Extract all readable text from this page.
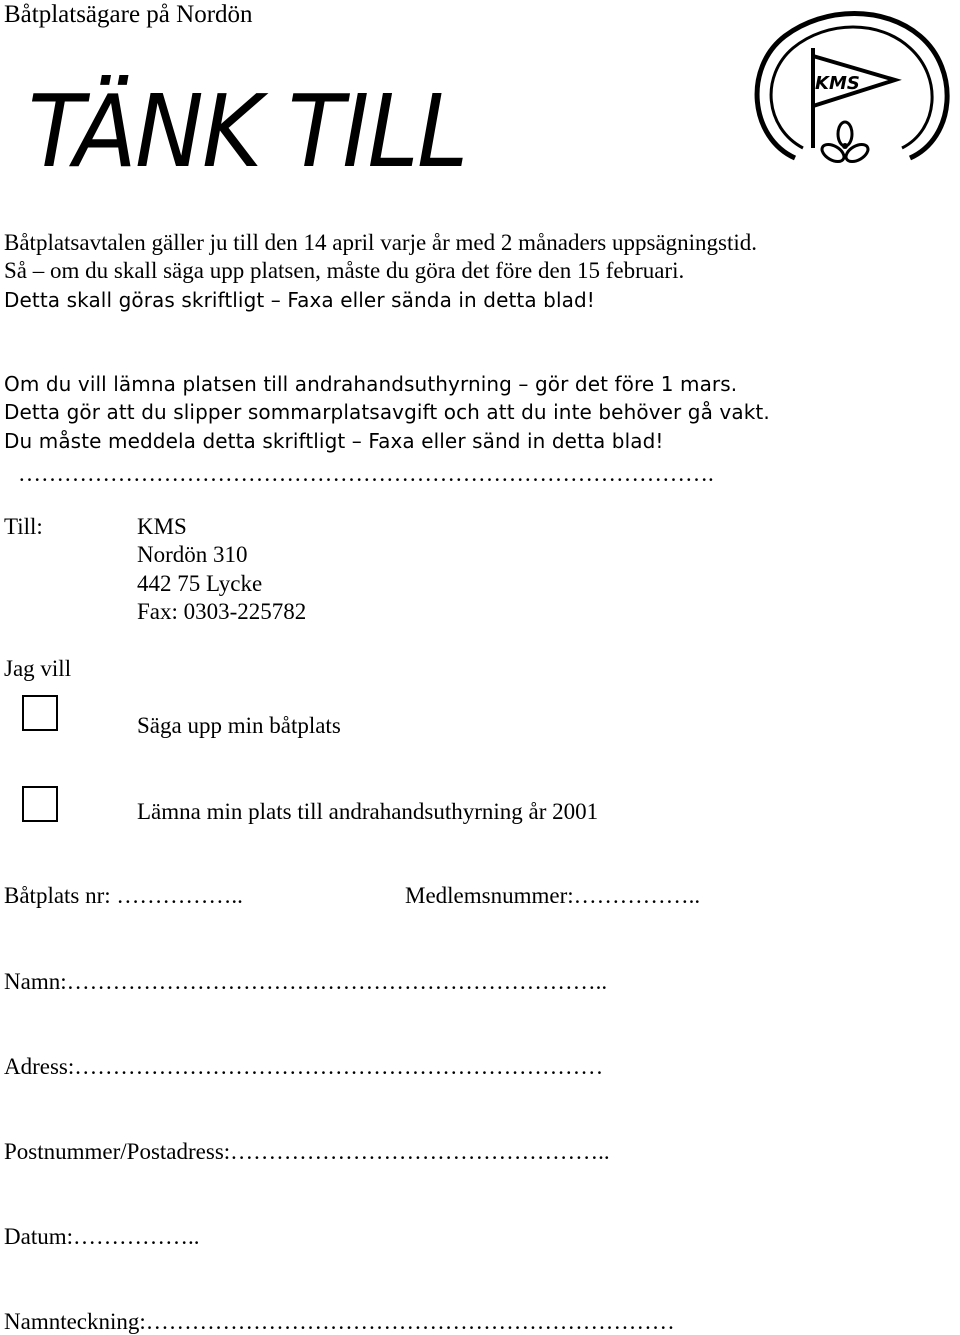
Båtplatsägare på Nordön
TÄNK TILL	KMS
Båtplatsavtalen gäller ju till den 14 april varje år med 2 månaders uppsägningstid.
Så – om du skall säga upp platsen, måste du göra det före den 15 februari.
Detta skall göras skriftligt – Faxa eller sända in detta blad!
Om du vill lämna platsen till andrahandsuthyrning – gör det före 1 mars.
Detta gör att du slipper sommarplatsavgift och att du inte behöver gå vakt.
Du måste meddela detta skriftligt – Faxa eller sänd in detta blad!
……………………………………………………………………………….
Till:	KMS
Nordön 310
442 75 Lycke
Fax: 0303-225782
Jag vill
Säga upp min båtplats
Lämna min plats till andrahandsuthyrning år 2001
Båtplats nr: ……………..	Medlemsnummer:……………..
Namn:……………………………………………………………..
Adress:……………………………………………………………
Postnummer/Postadress:…………………………………………..
Datum:……………..
Namnteckning:……………………………………………………………
